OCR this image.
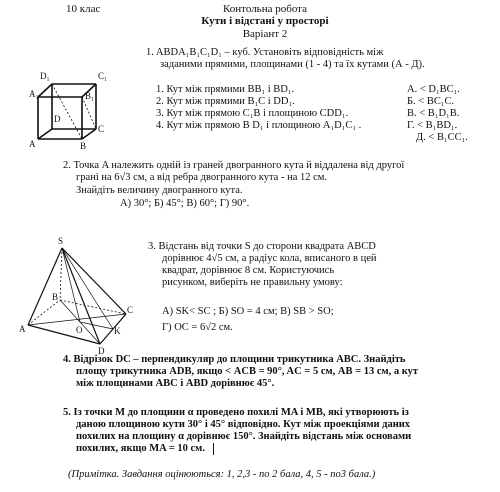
10 клас	Контольна робота
Кути і відстані у просторі
Варіант 2
D₁	C₁
A₁	B₁
D
C
A	B
1. ABDA₁B₁C₁D₁ – куб. Установіть відповідність між
заданими прямими, площинами (1 - 4) та їх кутами (А - Д).
1. Кут між прямими BB₁ і BD₁.	А. < D₁BC₁.
2. Кут між прямими B₁C і DD₁.	Б. < BC₁C.
3. Кут між прямою C₁B і площиною CDD₁.	В. < B₁D₁B.
4. Кут між прямою B D₁ і площиною A₁D₁C₁ .	Г. < B₁BD₁.
Д. < B₁CC₁.
2. Точка A належить одній із граней двогранного кута й віддалена від другої
грані на 6√3 см, а від ребра двогранного кута - на 12 см.
Знайдіть величину двогранного кута.
А) 30°; Б) 45°; В) 60°; Г) 90°.
S
B
C
O	K
A
D
3. Відстань від точки S до сторони квадрата ABCD
дорівнює 4√5 см, а радіус кола, вписаного в цей
квадрат, дорівнює 8 см. Користуючись
рисунком, виберіть не правильну умову:
А) SK< SC ; Б) SO = 4 см; В) SB > SO;
Г) OC = 6√2 см.
4. Відрізок DC – перпендикуляр до площини трикутника ABC. Знайдіть
площу трикутника ADB, якщо < ACB = 90°, AC = 5 см, AB = 13 см, а кут
між площинами ABC і ABD дорівнює 45°.
5. Із точки M до площини α проведено похилі MA і MB, які утворюють із
даною площиною кути 30° і 45° відповідно. Кут між проекціями даних
похилих на площину α дорівнює 150°. Знайдіть відстань між основами
похилих, якщо MA = 10 см.
(Примітка. Завдання оцінюються: 1, 2,3 - по 2 бала, 4, 5 - по3 бала.)
